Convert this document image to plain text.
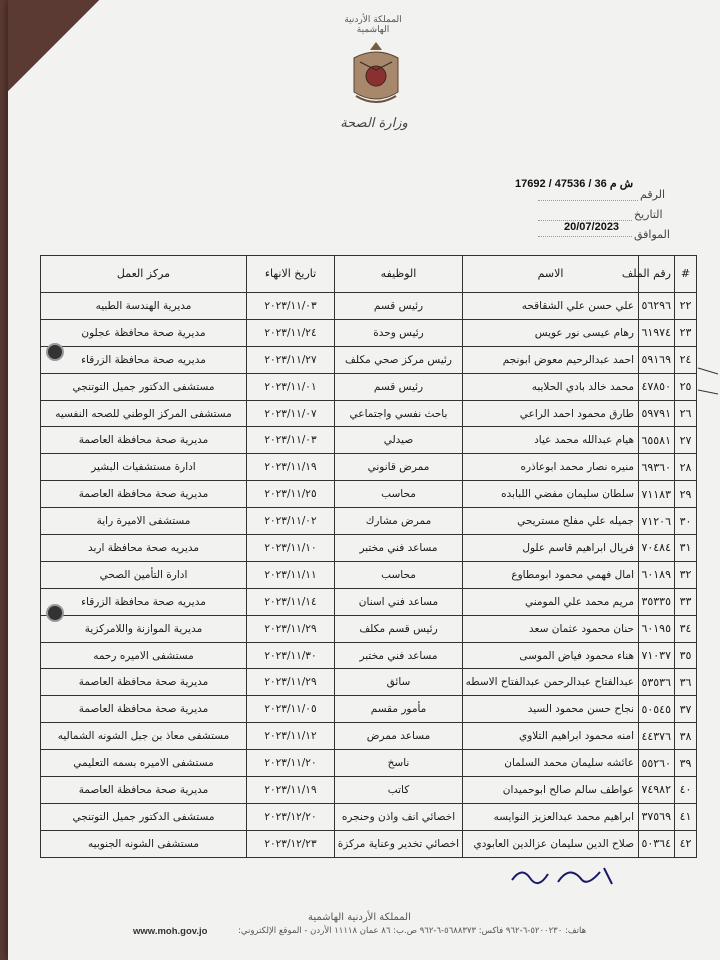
المملكة الأردنية الهاشمية
وزارة الصحة
ش م 36 / 47536 / 17692
الرقم
التاريخ
20/07/2023
الموافق
#	رقم الملف	الاسم	الوظيفه	تاريخ الانهاء	مركز العمل
٢٢	٥٦٢٩٦	علي حسن علي الشقاقحه	رئيس قسم	٢٠٢٣/١١/٠٣	مديرية الهندسة الطبيه
٢٣	٦١٩٧٤	رهام عيسى نور عويس	رئيس وحدة	٢٠٢٣/١١/٢٤	مديرية صحة محافظة عجلون
٢٤	٥٩١٦٩	احمد عبدالرحيم معوض ابونجم	رئيس مركز صحي مكلف	٢٠٢٣/١١/٢٧	مديريه صحة محافظة الزرقاء
٢٥	٤٧٨٥٠	محمد خالد بادي الحلايبه	رئيس قسم	٢٠٢٣/١١/٠١	مستشفى الدكتور جميل التوتنجي
٢٦	٥٩٧٩١	طارق محمود احمد الراعي	باحث نفسي واجتماعي	٢٠٢٣/١١/٠٧	مستشفى المركز الوطني للصحه النفسيه
٢٧	٦٥٥٨١	هيام عبدالله محمد عياد	صيدلي	٢٠٢٣/١١/٠٣	مديرية صحة محافظة العاصمة
٢٨	٦٩٣٦٠	منيره نصار محمد ابوعاذره	ممرض قانوني	٢٠٢٣/١١/١٩	ادارة مستشفيات البشير
٢٩	٧١١٨٣	سلطان سليمان مفضي اللبابده	محاسب	٢٠٢٣/١١/٢٥	مديرية صحة محافظة العاصمة
٣٠	٧١٢٠٦	جميله علي مفلح مستريحي	ممرض مشارك	٢٠٢٣/١١/٠٢	مستشفى الاميرة راية
٣١	٧٠٤٨٤	فريال ابراهيم قاسم علول	مساعد فني مختبر	٢٠٢٣/١١/١٠	مديريه صحة محافظة اربد
٣٢	٦٠١٨٩	امال فهمي محمود ابومطاوع	محاسب	٢٠٢٣/١١/١١	ادارة التأمين الصحي
٣٣	٣٥٣٣٥	مريم محمد علي المومني	مساعد فني اسنان	٢٠٢٣/١١/١٤	مديريه صحة محافظة الزرقاء
٣٤	٦٠١٩٥	حنان محمود عثمان سعد	رئيس قسم مكلف	٢٠٢٣/١١/٢٩	مديرية الموازنة واللامركزية
٣٥	٧١٠٣٧	هناء محمود فياض الموسى	مساعد فني مختبر	٢٠٢٣/١١/٣٠	مستشفى الاميره رحمه
٣٦	٥٣٥٣٦	عبدالفتاح عبدالرحمن عبدالفتاح الاسطه	سائق	٢٠٢٣/١١/٢٩	مديرية صحة محافظة العاصمة
٣٧	٥٠٥٤٥	نجاح حسن محمود السيد	مأمور مقسم	٢٠٢٣/١١/٠٥	مديرية صحة محافظة العاصمة
٣٨	٤٤٣٧٦	امنه محمود ابراهيم التلاوي	مساعد ممرض	٢٠٢٣/١١/١٢	مستشفى معاذ بن جبل الشونه الشماليه
٣٩	٥٥٢٦٠	عائشه سليمان محمد السلمان	ناسخ	٢٠٢٣/١١/٢٠	مستشفى الاميره بسمه التعليمي
٤٠	٧٤٩٨٢	عواطف سالم صالح ابوحميدان	كاتب	٢٠٢٣/١١/١٩	مديرية صحة محافظة العاصمة
٤١	٣٧٥٦٩	ابراهيم محمد عبدالعزيز النوايسه	اخصائي انف واذن وحنجره	٢٠٢٣/١٢/٢٠	مستشفى الدكتور جميل التوتنجي
٤٢	٥٠٣٦٤	صلاح الدين سليمان عزالدين العابودي	اخصائي تخدير وعناية مركزة	٢٠٢٣/١٢/٢٣	مستشفى الشونه الجنوبيه
المملكة الأردنية الهاشمية
هاتف: ٥٢٠٠٢٣٠-٦-٩٦٢ فاكس: ٥٦٨٨٣٧٣-٦-٩٦٢ ص.ب: ٨٦ عمان ١١١١٨ الأردن - الموقع الإلكتروني:
www.moh.gov.jo
